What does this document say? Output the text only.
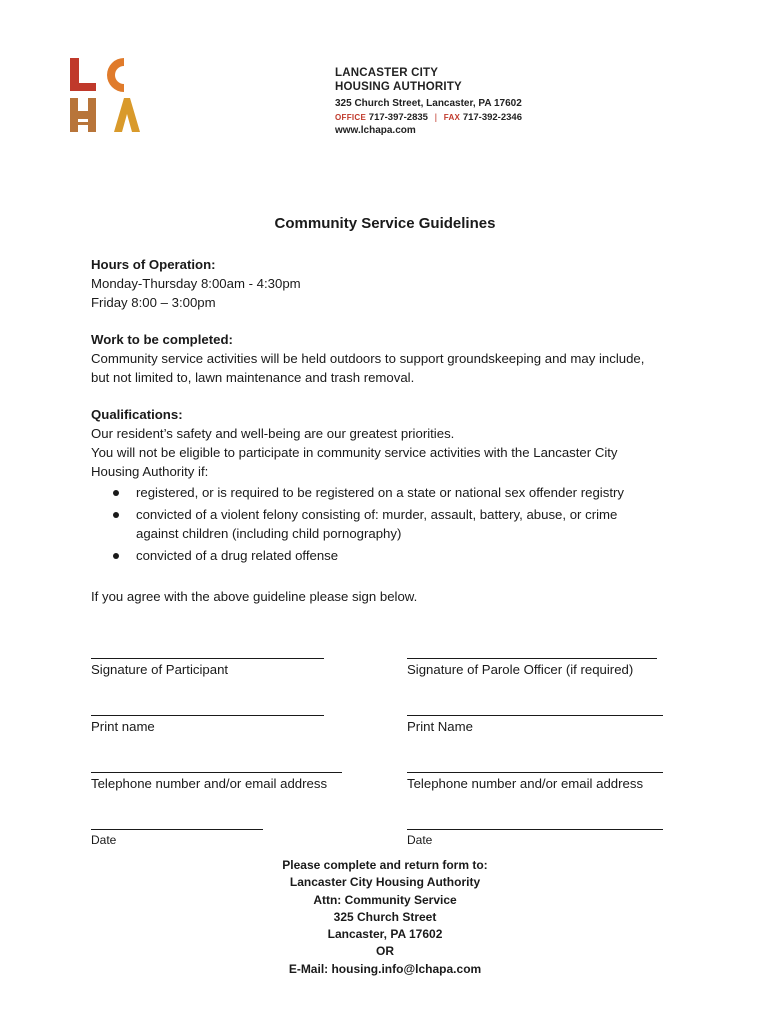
LANCASTER CITY
HOUSING AUTHORITY
325 Church Street, Lancaster, PA 17602
OFFICE 717-397-2835 | FAX 717-392-2346
www.lchapa.com
Community Service Guidelines
Hours of Operation:
Monday-Thursday 8:00am - 4:30pm
Friday 8:00 – 3:00pm
Work to be completed:
Community service activities will be held outdoors to support groundskeeping and may include,
but not limited to, lawn maintenance and trash removal.
Qualifications:
Our resident’s safety and well-being are our greatest priorities.
You will not be eligible to participate in community service activities with the Lancaster City
Housing Authority if:
registered, or is required to be registered on a state or national sex offender registry
convicted of a violent felony consisting of: murder, assault, battery, abuse, or crime
against children (including child pornography)
convicted of a drug related offense
If you agree with the above guideline please sign below.
Signature of Participant	Signature of Parole Officer (if required)
Print name	Print Name
Telephone number and/or email address	Telephone number and/or email address
Date	Date
Please complete and return form to:
Lancaster City Housing Authority
Attn: Community Service
325 Church Street
Lancaster, PA 17602
OR
E-Mail: housing.info@lchapa.com
